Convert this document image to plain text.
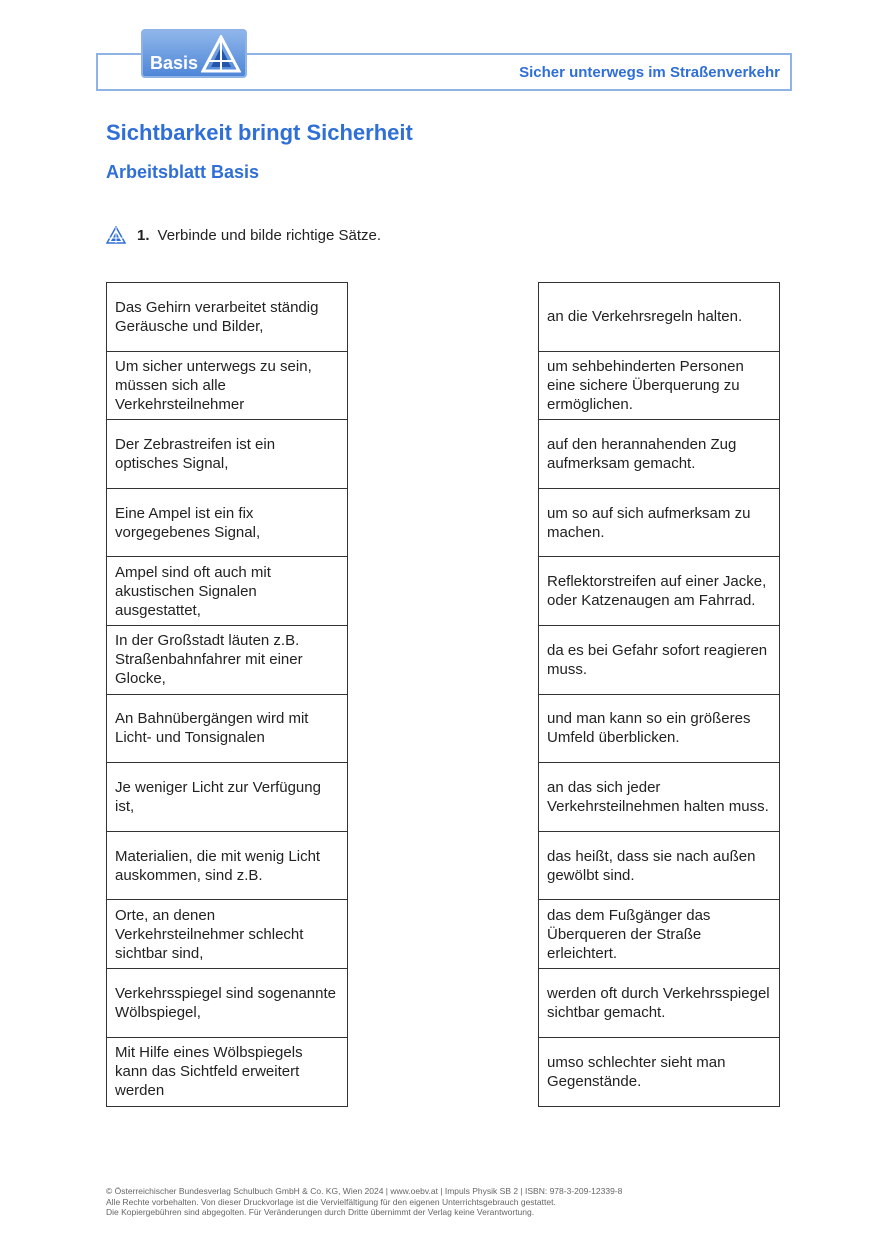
Sicher unterwegs im Straßenverkehr
Basis
Sichtbarkeit bringt Sicherheit
Arbeitsblatt Basis
1. Verbinde und bilde richtige Sätze.
Das Gehirn verarbeitet ständig Geräusche und Bilder,
Um sicher unterwegs zu sein, müssen sich alle Verkehrsteilnehmer
Der Zebrastreifen ist ein optisches Signal,
Eine Ampel ist ein fix vorgegebenes Signal,
Ampel sind oft auch mit akustischen Signalen ausgestattet,
In der Großstadt läuten z.B. Straßenbahnfahrer mit einer Glocke,
An Bahnübergängen wird mit Licht- und Tonsignalen
Je weniger Licht zur Verfügung ist,
Materialien, die mit wenig Licht auskommen, sind z.B.
Orte, an denen Verkehrsteilnehmer schlecht sichtbar sind,
Verkehrsspiegel sind sogenannte Wölbspiegel,
Mit Hilfe eines Wölbspiegels kann das Sichtfeld erweitert werden
an die Verkehrsregeln halten.
um sehbehinderten Personen eine sichere Überquerung zu ermöglichen.
auf den herannahenden Zug aufmerksam gemacht.
um so auf sich aufmerksam zu machen.
Reflektorstreifen auf einer Jacke, oder Katzenaugen am Fahrrad.
da es bei Gefahr sofort reagieren muss.
und man kann so ein größeres Umfeld überblicken.
an das sich jeder Verkehrsteilnehmen halten muss.
das heißt, dass sie nach außen gewölbt sind.
das dem Fußgänger das Überqueren der Straße erleichtert.
werden oft durch Verkehrsspiegel sichtbar gemacht.
umso schlechter sieht man Gegenstände.
© Österreichischer Bundesverlag Schulbuch GmbH & Co. KG, Wien 2024 | www.oebv.at | Impuls Physik SB 2 | ISBN: 978-3-209-12339-8
Alle Rechte vorbehalten. Von dieser Druckvorlage ist die Vervielfältigung für den eigenen Unterrichtsgebrauch gestattet.
Die Kopiergebühren sind abgegolten. Für Veränderungen durch Dritte übernimmt der Verlag keine Verantwortung.
